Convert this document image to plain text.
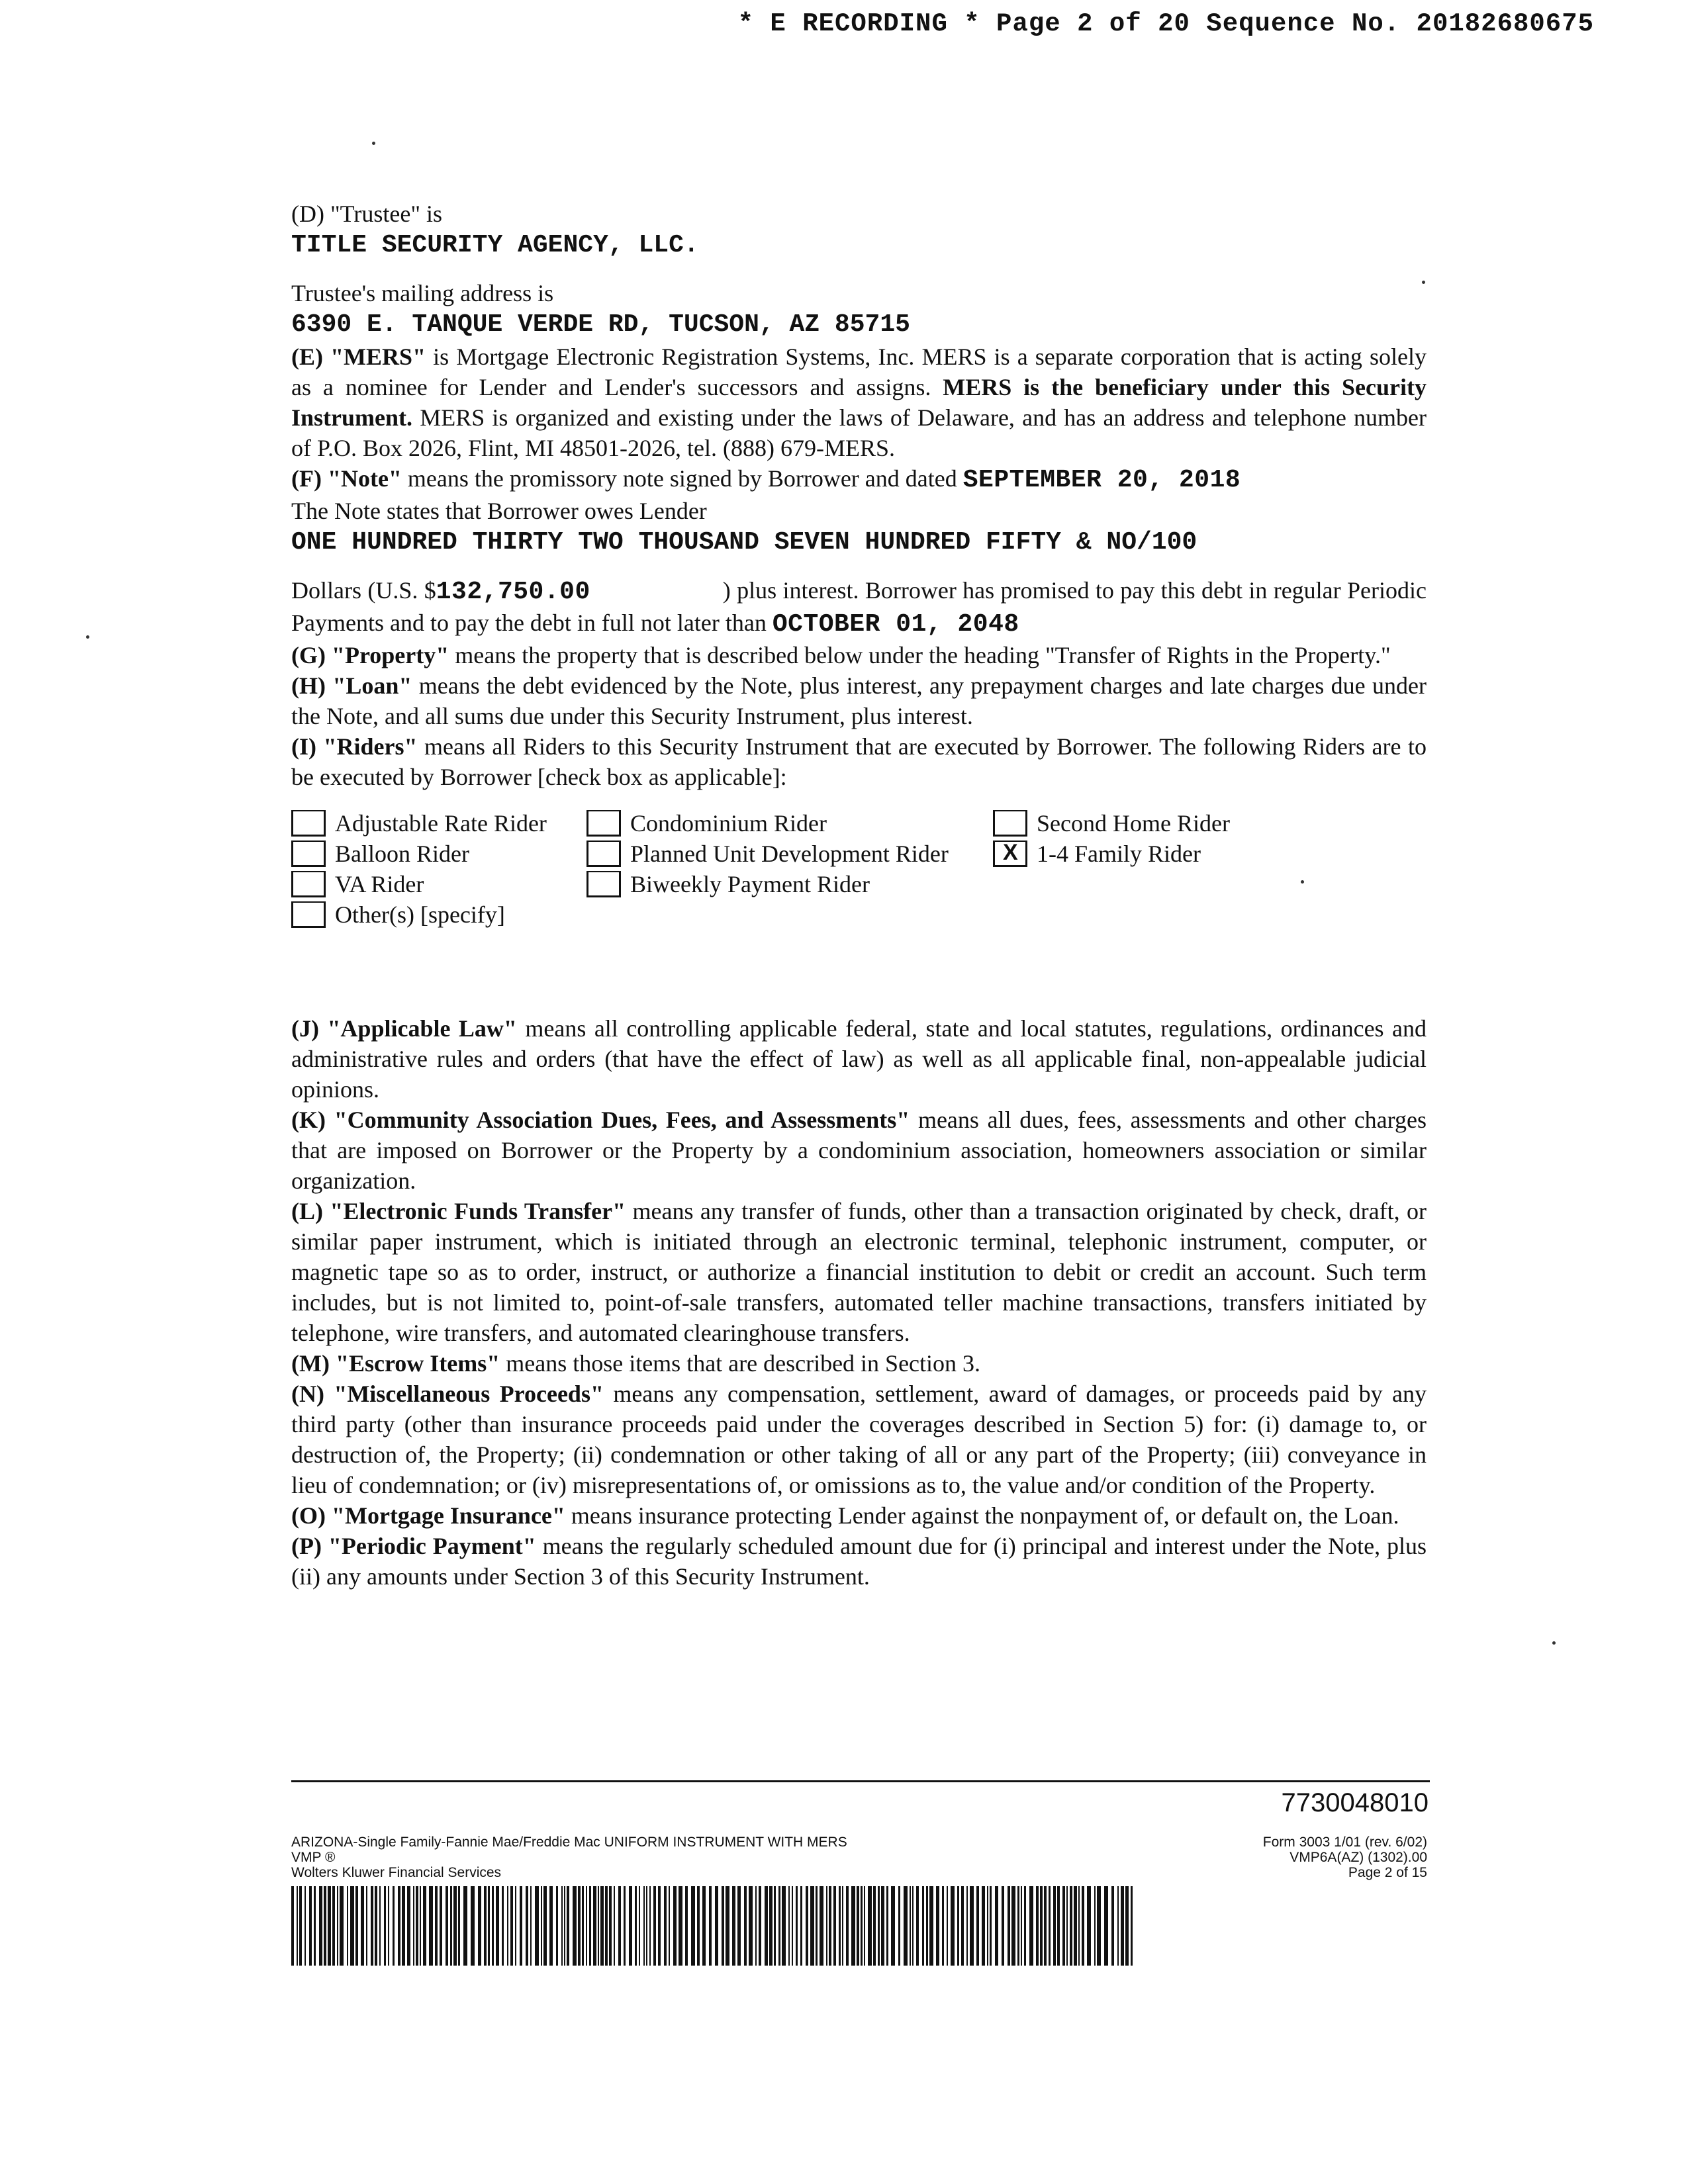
* E RECORDING * Page 2 of 20 Sequence No. 20182680675

(D) "Trustee" is

TITLE SECURITY AGENCY, LLC.

Trustee's mailing address is

6390 E. TANQUE VERDE RD, TUCSON, AZ 85715

(E) "MERS" is Mortgage Electronic Registration Systems, Inc. MERS is a separate corporation that is acting solely as a nominee for Lender and Lender's successors and assigns. MERS is the beneficiary under this Security Instrument. MERS is organized and existing under the laws of Delaware, and has an address and telephone number of P.O. Box 2026, Flint, MI 48501-2026, tel. (888) 679-MERS.

(F) "Note" means the promissory note signed by Borrower and dated SEPTEMBER 20, 2018

The Note states that Borrower owes Lender

ONE HUNDRED THIRTY TWO THOUSAND SEVEN HUNDRED FIFTY & NO/100

Dollars (U.S. $132,750.00	) plus interest. Borrower has promised to pay this debt in regular Periodic Payments and to pay the debt in full not later than OCTOBER 01, 2048

(G) "Property" means the property that is described below under the heading "Transfer of Rights in the Property."

(H) "Loan" means the debt evidenced by the Note, plus interest, any prepayment charges and late charges due under the Note, and all sums due under this Security Instrument, plus interest.

(I) "Riders" means all Riders to this Security Instrument that are executed by Borrower. The following Riders are to be executed by Borrower [check box as applicable]:

Adjustable Rate Rider
Balloon Rider
VA Rider
Other(s) [specify]
Condominium Rider
Planned Unit Development Rider
Biweekly Payment Rider
Second Home Rider
X 1-4 Family Rider

(J) "Applicable Law" means all controlling applicable federal, state and local statutes, regulations, ordinances and administrative rules and orders (that have the effect of law) as well as all applicable final, non-appealable judicial opinions.

(K) "Community Association Dues, Fees, and Assessments" means all dues, fees, assessments and other charges that are imposed on Borrower or the Property by a condominium association, homeowners association or similar organization.

(L) "Electronic Funds Transfer" means any transfer of funds, other than a transaction originated by check, draft, or similar paper instrument, which is initiated through an electronic terminal, telephonic instrument, computer, or magnetic tape so as to order, instruct, or authorize a financial institution to debit or credit an account. Such term includes, but is not limited to, point-of-sale transfers, automated teller machine transactions, transfers initiated by telephone, wire transfers, and automated clearinghouse transfers.

(M) "Escrow Items" means those items that are described in Section 3.

(N) "Miscellaneous Proceeds" means any compensation, settlement, award of damages, or proceeds paid by any third party (other than insurance proceeds paid under the coverages described in Section 5) for: (i) damage to, or destruction of, the Property; (ii) condemnation or other taking of all or any part of the Property; (iii) conveyance in lieu of condemnation; or (iv) misrepresentations of, or omissions as to, the value and/or condition of the Property.

(O) "Mortgage Insurance" means insurance protecting Lender against the nonpayment of, or default on, the Loan.

(P) "Periodic Payment" means the regularly scheduled amount due for (i) principal and interest under the Note, plus (ii) any amounts under Section 3 of this Security Instrument.

7730048010
ARIZONA-Single Family-Fannie Mae/Freddie Mac UNIFORM INSTRUMENT WITH MERS
VMP ®
Wolters Kluwer Financial Services
Form 3003 1/01 (rev. 6/02)
VMP6A(AZ) (1302).00
Page 2 of 15
